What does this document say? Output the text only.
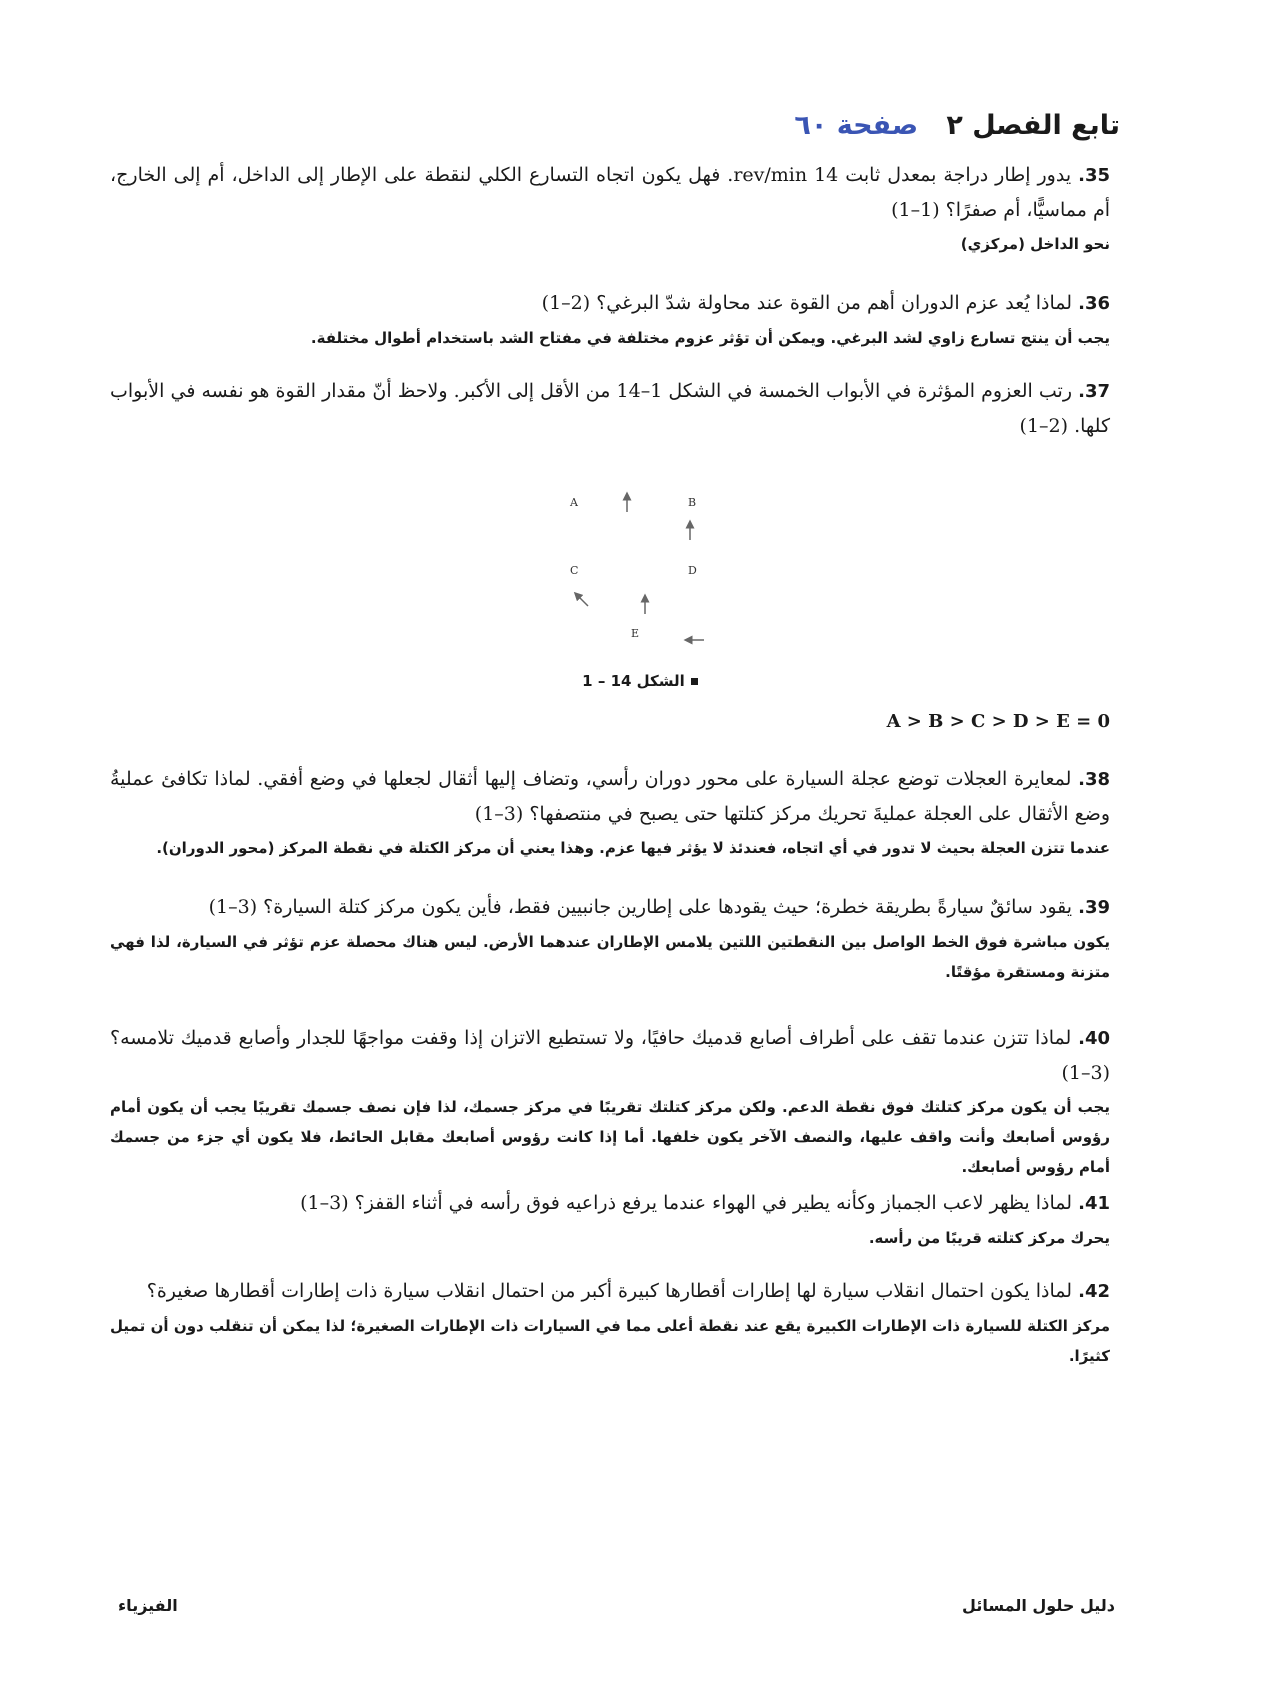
تابع الفصل ٢   صفحة ٦٠
35. يدور إطار دراجة بمعدل ثابت 14 rev/min. فهل يكون اتجاه التسارع الكلي لنقطة على الإطار إلى الداخل، أم إلى الخارج، أم مماسيًّا، أم صفرًا؟ (1–1)
نحو الداخل (مركزي)
36. لماذا يُعد عزم الدوران أهم من القوة عند محاولة شدّ البرغي؟ (2–1)
يجب أن ينتج تسارع زاوي لشد البرغي. ويمكن أن تؤثر عزوم مختلفة في مفتاح الشد باستخدام أطوال مختلفة.
37. رتب العزوم المؤثرة في الأبواب الخمسة في الشكل 1–14 من الأقل إلى الأكبر. ولاحظ أنّ مقدار القوة هو نفسه في الأبواب كلها. (2–1)
A	B
C	D
E
الشكل 14 – 1
A > B > C > D > E = 0
38. لمعايرة العجلات توضع عجلة السيارة على محور دوران رأسي، وتضاف إليها أثقال لجعلها في وضع أفقي. لماذا تكافئ عمليةُ وضع الأثقال على العجلة عمليةَ تحريك مركز كتلتها حتى يصبح في منتصفها؟ (3–1)
عندما تتزن العجلة بحيث لا تدور في أي اتجاه، فعندئذ لا يؤثر فيها عزم. وهذا يعني أن مركز الكتلة في نقطة المركز (محور الدوران).
39. يقود سائقٌ سيارةً بطريقة خطرة؛ حيث يقودها على إطارين جانبيين فقط، فأين يكون مركز كتلة السيارة؟ (3–1)
يكون مباشرة فوق الخط الواصل بين النقطتين اللتين يلامس الإطاران عندهما الأرض. ليس هناك محصلة عزم تؤثر في السيارة، لذا فهي متزنة ومستقرة مؤقتًا.
40. لماذا تتزن عندما تقف على أطراف أصابع قدميك حافيًا، ولا تستطيع الاتزان إذا وقفت مواجهًا للجدار وأصابع قدميك تلامسه؟ (3–1)
يجب أن يكون مركز كتلتك فوق نقطة الدعم. ولكن مركز كتلتك تقريبًا في مركز جسمك، لذا فإن نصف جسمك تقريبًا يجب أن يكون أمام رؤوس أصابعك وأنت واقف عليها، والنصف الآخر يكون خلفها. أما إذا كانت رؤوس أصابعك مقابل الحائط، فلا يكون أي جزء من جسمك أمام رؤوس أصابعك.
41. لماذا يظهر لاعب الجمباز وكأنه يطير في الهواء عندما يرفع ذراعيه فوق رأسه في أثناء القفز؟ (3–1)
يحرك مركز كتلته قريبًا من رأسه.
42. لماذا يكون احتمال انقلاب سيارة لها إطارات أقطارها كبيرة أكبر من احتمال انقلاب سيارة ذات إطارات أقطارها صغيرة؟
مركز الكتلة للسيارة ذات الإطارات الكبيرة يقع عند نقطة أعلى مما في السيارات ذات الإطارات الصغيرة؛ لذا يمكن أن تنقلب دون أن تميل كثيرًا.
الفيزياء	دليل حلول المسائل
